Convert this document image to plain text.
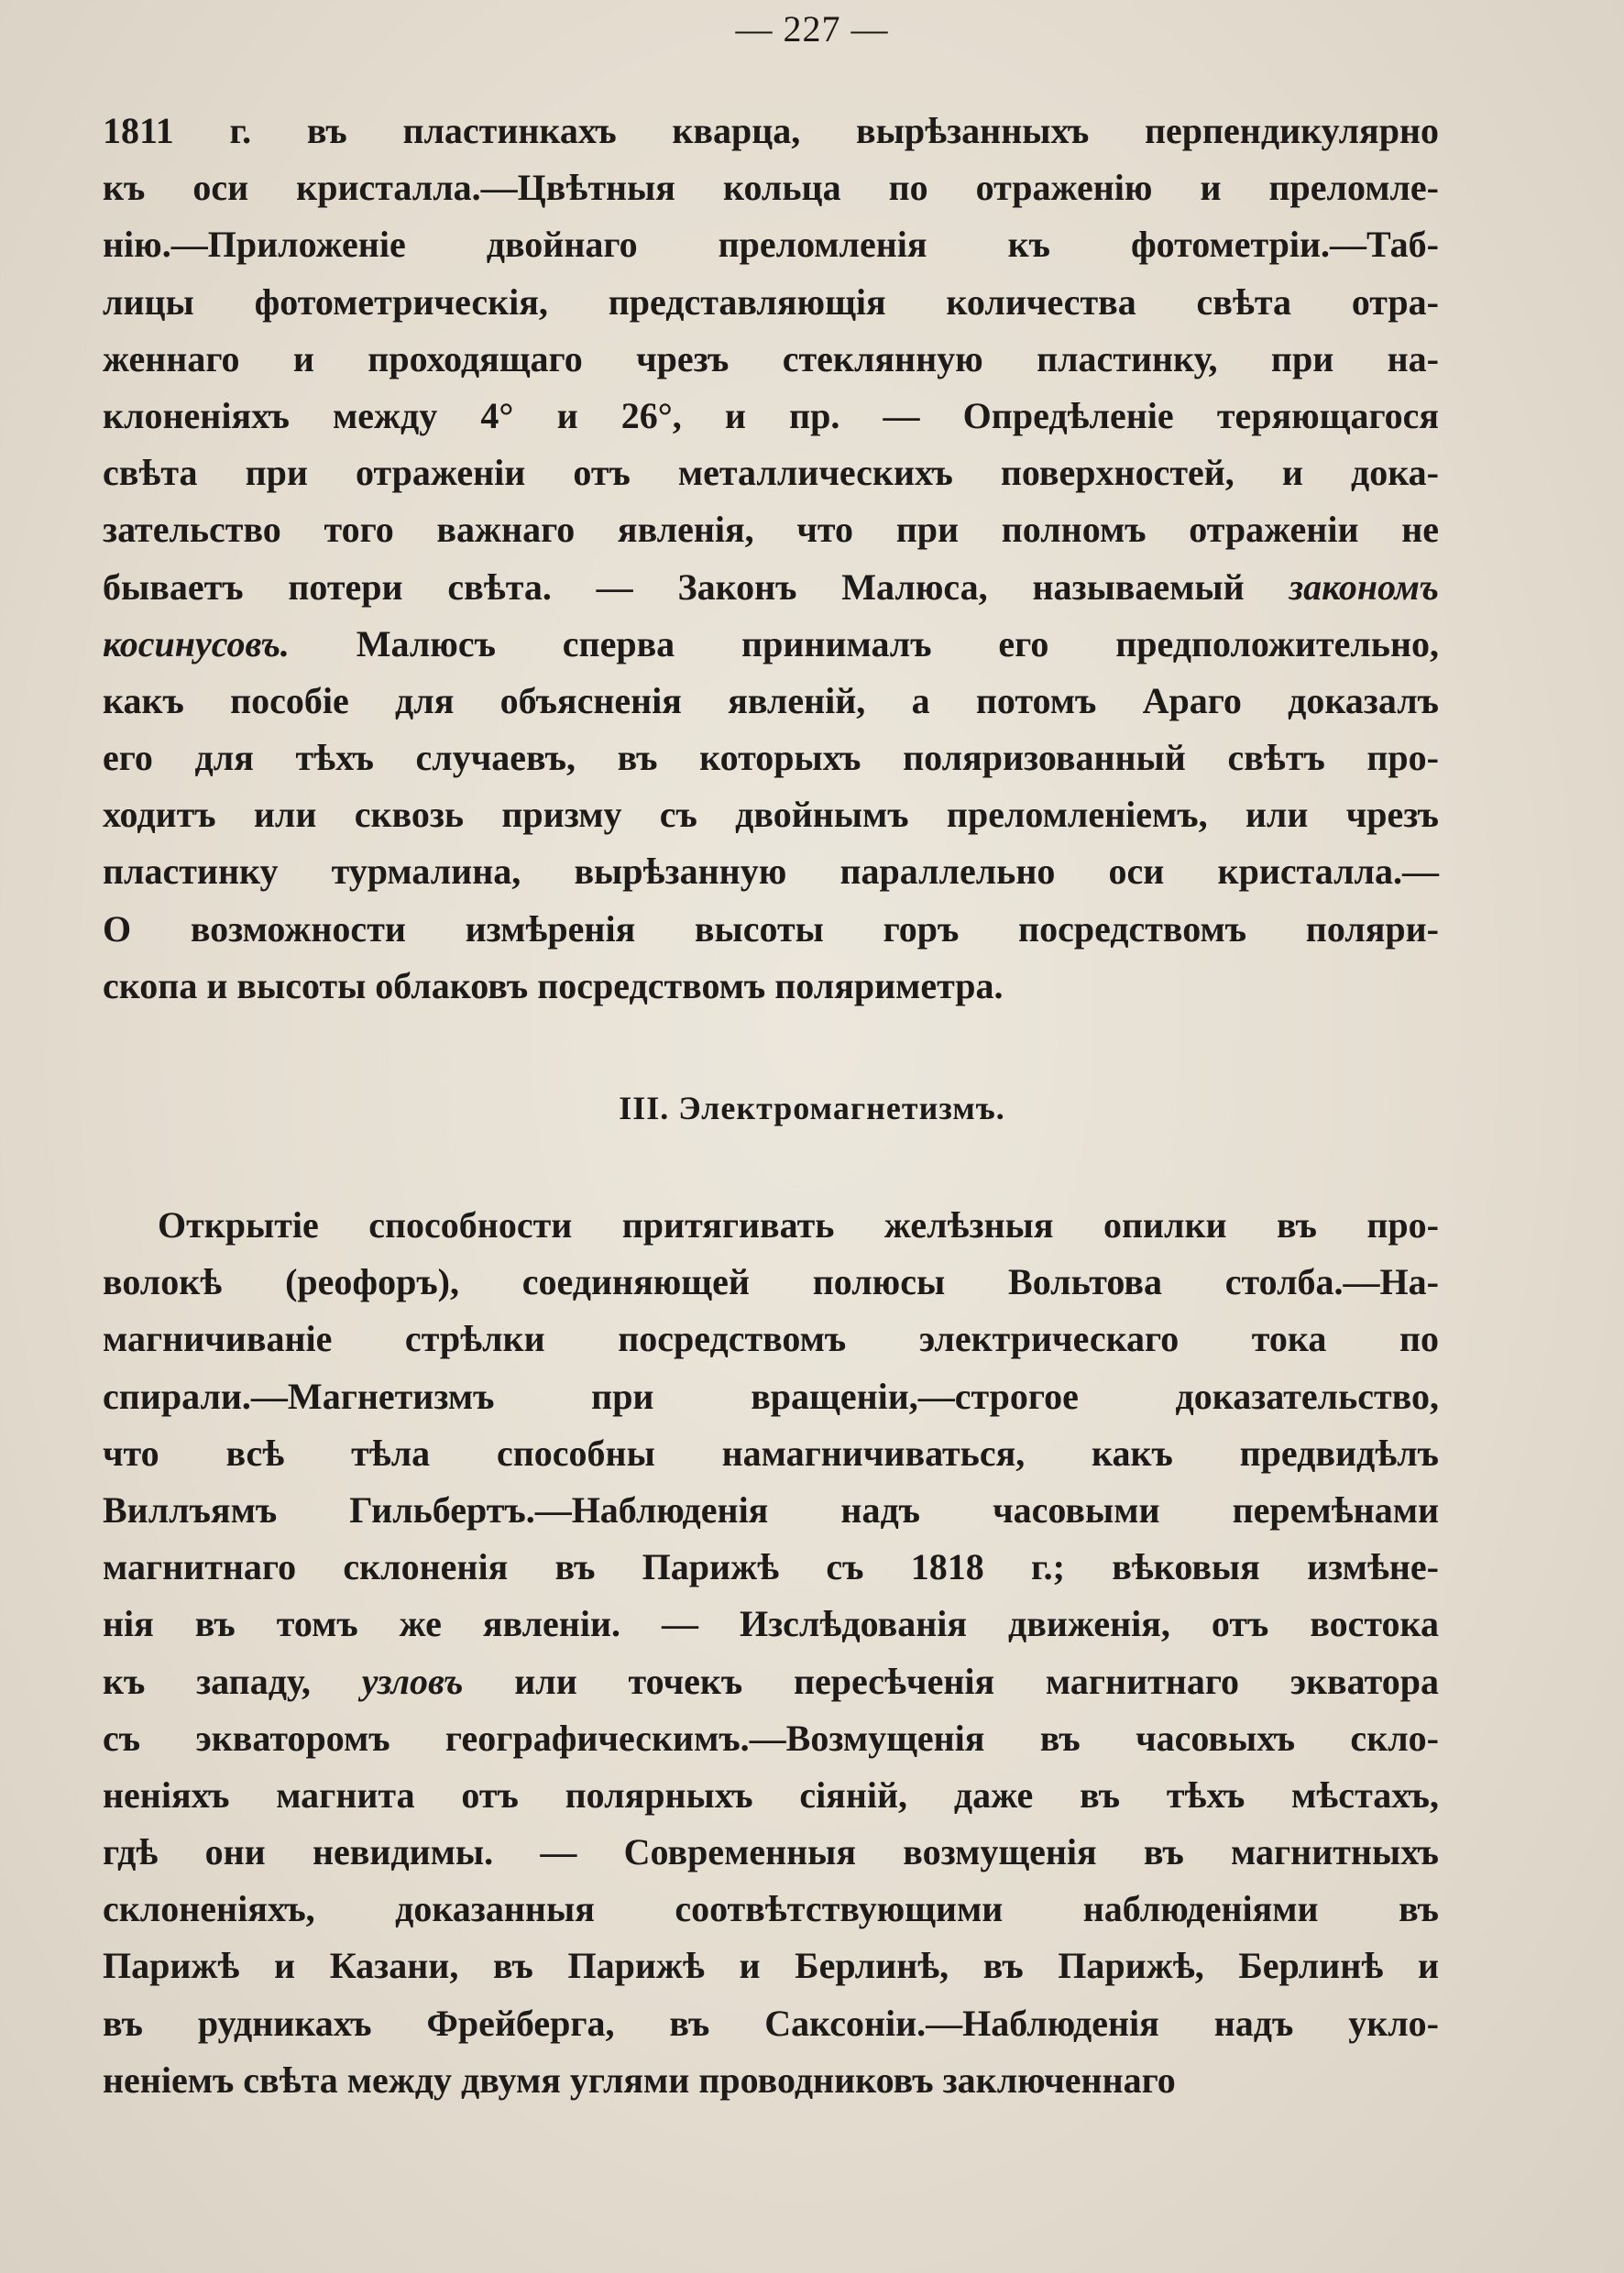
— 227 —
1811 г. въ пластинкахъ кварца, вырѣзанныхъ перпендикулярно
къ оси кристалла.—Цвѣтныя кольца по отраженію и преломле-
нію.—Приложеніе двойнаго преломленія къ фотометріи.—Таб-
лицы фотометрическія, представляющія количества свѣта отра-
женнаго и проходящаго чрезъ стеклянную пластинку, при на-
клоненіяхъ между 4° и 26°, и пр. — Опредѣленіе теряющагося
свѣта при отраженіи отъ металлическихъ поверхностей, и дока-
зательство того важнаго явленія, что при полномъ отраженіи не
бываетъ потери свѣта. — Законъ Малюса, называемый закономъ
косинусовъ. Малюсъ сперва принималъ его предположительно,
какъ пособіе для объясненія явленій, а потомъ Араго доказалъ
его для тѣхъ случаевъ, въ которыхъ поляризованный свѣтъ про-
ходитъ или сквозь призму съ двойнымъ преломленіемъ, или чрезъ
пластинку турмалина, вырѣзанную параллельно оси кристалла.—
О возможности измѣренія высоты горъ посредствомъ поляри-
скопа и высоты облаковъ посредствомъ поляриметра.
III. Электромагнетизмъ.
Открытіе способности притягивать желѣзныя опилки въ про-
волокѣ (реофоръ), соединяющей полюсы Вольтова столба.—На-
магничиваніе стрѣлки посредствомъ электрическаго тока по
спирали.—Магнетизмъ при вращеніи,—строгое доказательство,
что всѣ тѣла способны намагничиваться, какъ предвидѣлъ
Виллъямъ Гильбертъ.—Наблюденія надъ часовыми перемѣнами
магнитнаго склоненія въ Парижѣ съ 1818 г.; вѣковыя измѣне-
нія въ томъ же явленіи. — Изслѣдованія движенія, отъ востока
къ западу, узловъ или точекъ пересѣченія магнитнаго экватора
съ экваторомъ географическимъ.—Возмущенія въ часовыхъ скло-
неніяхъ магнита отъ полярныхъ сіяній, даже въ тѣхъ мѣстахъ,
гдѣ они невидимы. — Современныя возмущенія въ магнитныхъ
склоненіяхъ, доказанныя соотвѣтствующими наблюденіями въ
Парижѣ и Казани, въ Парижѣ и Берлинѣ, въ Парижѣ, Берлинѣ и
въ рудникахъ Фрейберга, въ Саксоніи.—Наблюденія надъ укло-
неніемъ свѣта между двумя углями проводниковъ заключеннаго
